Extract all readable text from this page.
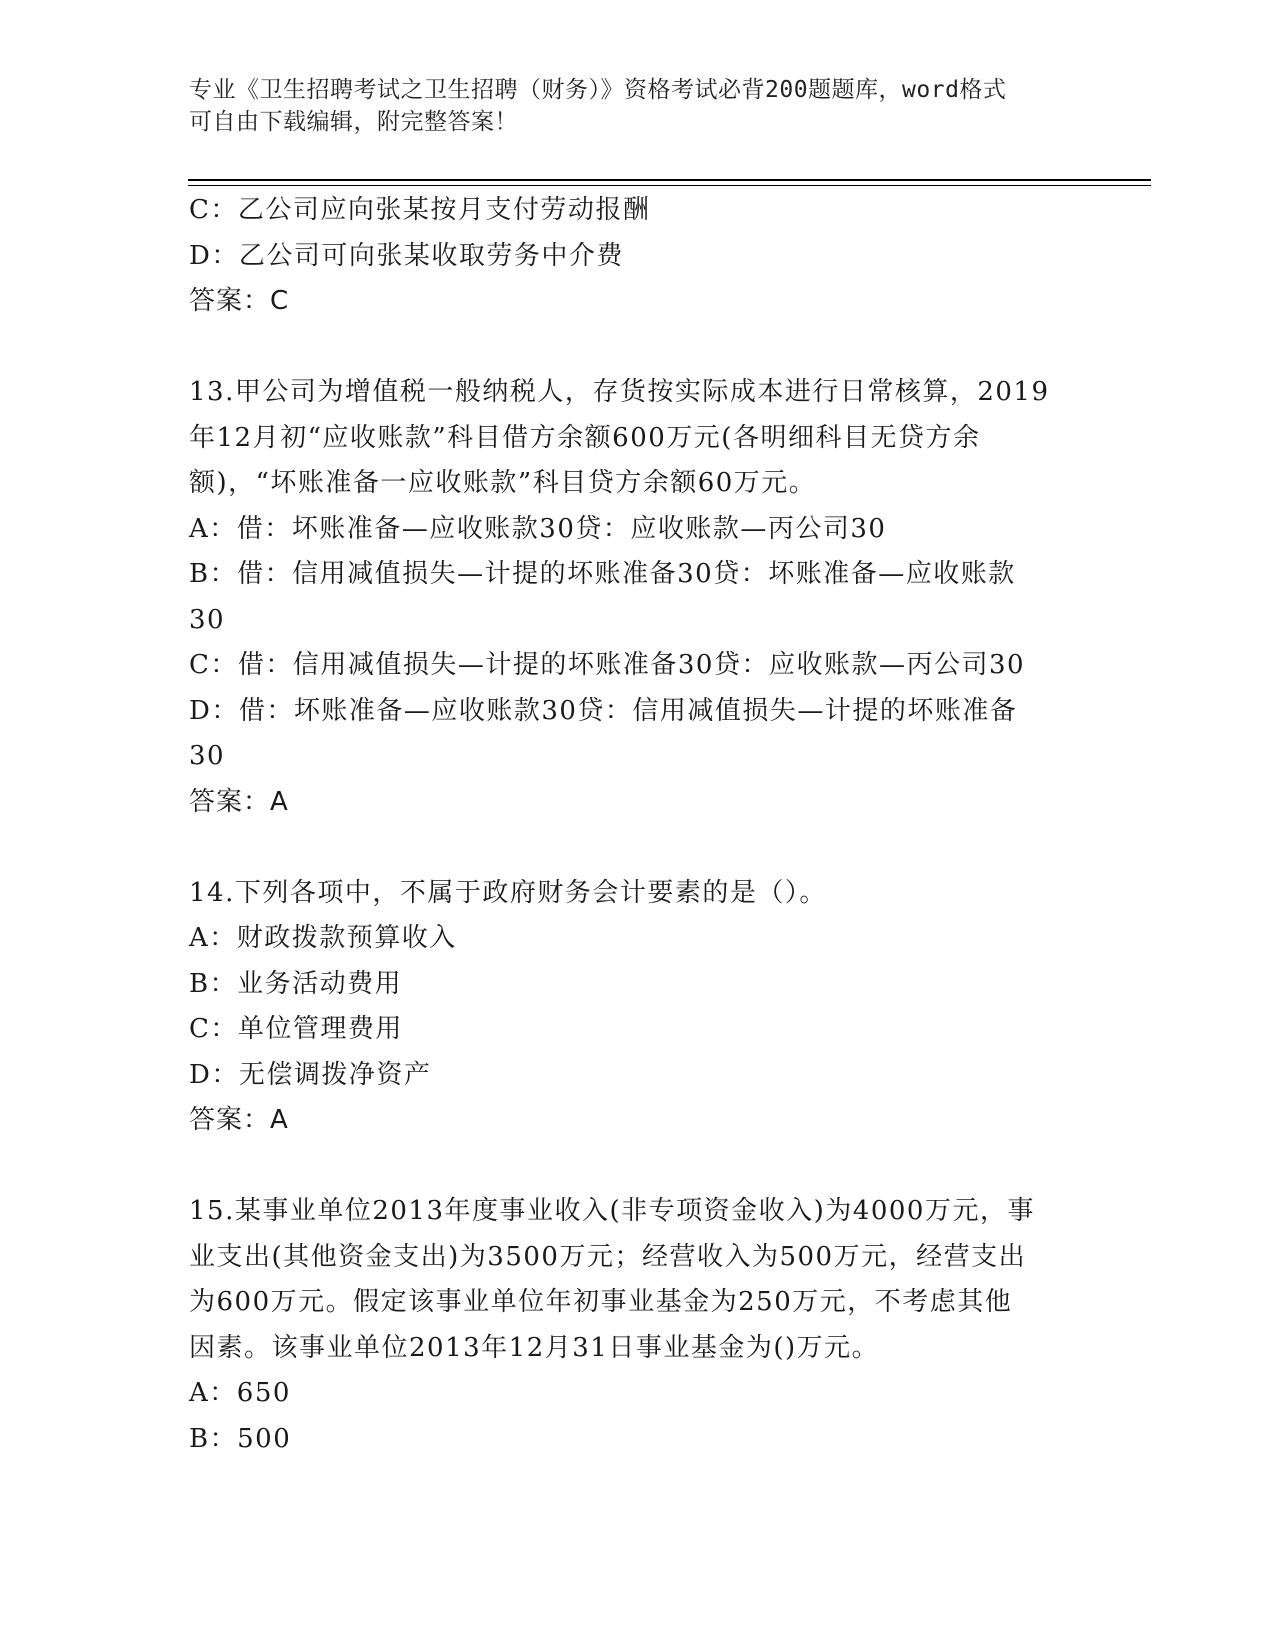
专业《卫生招聘考试之卫生招聘（财务）》资格考试必背200题题库，word格式
可自由下载编辑，附完整答案！
C：乙公司应向张某按月支付劳动报酬
D：乙公司可向张某收取劳务中介费
答案：C
13.甲公司为增值税一般纳税人，存货按实际成本进行日常核算，2019
年12月初“应收账款”科目借方余额600万元(各明细科目无贷方余
额)，“坏账准备一应收账款”科目贷方余额60万元。
A：借：坏账准备—应收账款30贷：应收账款—丙公司30
B：借：信用减值损失—计提的坏账准备30贷：坏账准备—应收账款
30
C：借：信用减值损失—计提的坏账准备30贷：应收账款—丙公司30
D：借：坏账准备—应收账款30贷：信用减值损失—计提的坏账准备
30
答案：A
14.下列各项中，不属于政府财务会计要素的是（）。
A：财政拨款预算收入
B：业务活动费用
C：单位管理费用
D：无偿调拨净资产
答案：A
15.某事业单位2013年度事业收入(非专项资金收入)为4000万元，事
业支出(其他资金支出)为3500万元；经营收入为500万元，经营支出
为600万元。假定该事业单位年初事业基金为250万元，不考虑其他
因素。该事业单位2013年12月31日事业基金为()万元。
A：650
B：500
